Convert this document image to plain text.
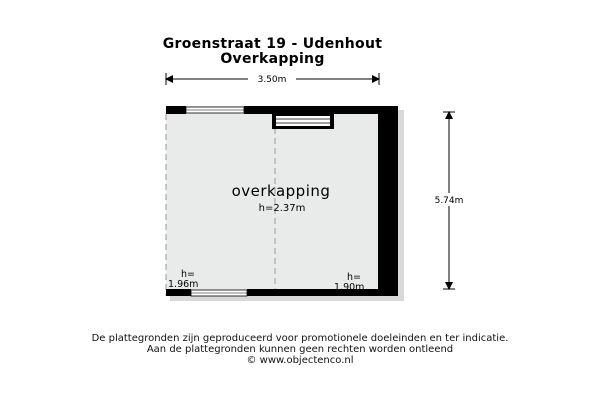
Groenstraat 19 - Udenhout
Overkapping
3.50m
5.74m
overkapping
h=2.37m
h=
1.96m
h=
1.90m
De plattegronden zijn geproduceerd voor promotionele doeleinden en ter indicatie.
Aan de plattegronden kunnen geen rechten worden ontleend
© www.objectenco.nl
